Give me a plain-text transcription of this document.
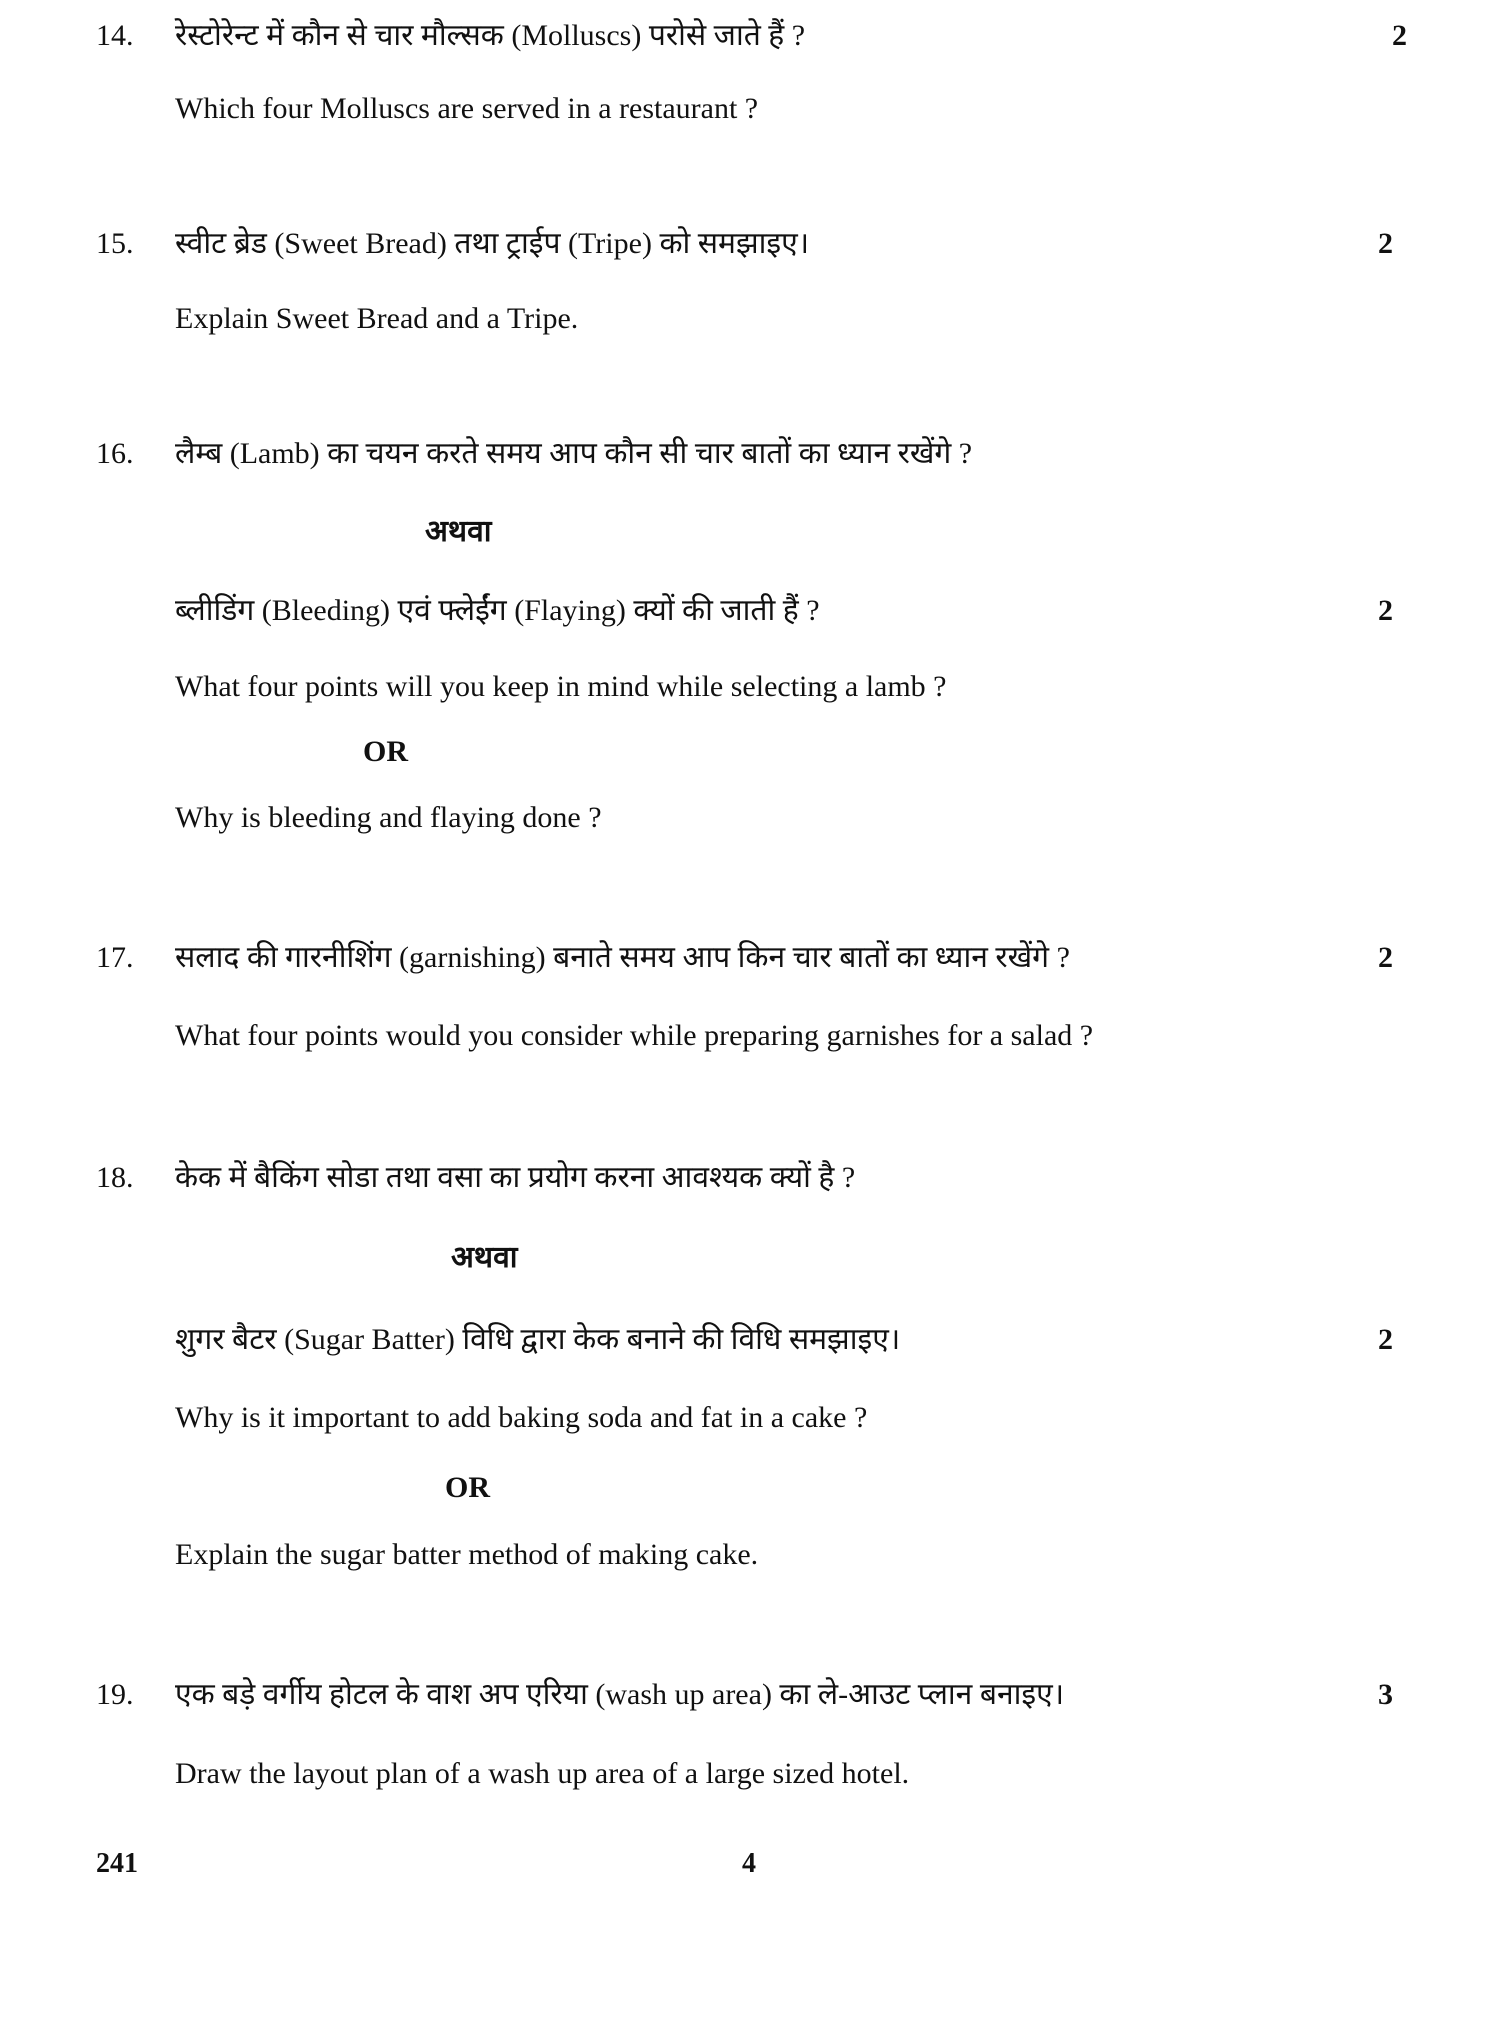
14. रेस्टोरेन्ट में कौन से चार मौल्सक (Molluscs) परोसे जाते हैं ?	2
Which four Molluscs are served in a restaurant ?
15. स्वीट ब्रेड (Sweet Bread) तथा ट्राईप (Tripe) को समझाइए।	2
Explain Sweet Bread and a Tripe.
16. लैम्ब (Lamb) का चयन करते समय आप कौन सी चार बातों का ध्यान रखेंगे ?
अथवा
ब्लीडिंग (Bleeding) एवं फ्लेईंग (Flaying) क्यों की जाती हैं ?	2
What four points will you keep in mind while selecting a lamb ?
OR
Why is bleeding and flaying done ?
17. सलाद की गारनीशिंग (garnishing) बनाते समय आप किन चार बातों का ध्यान रखेंगे ?	2
What four points would you consider while preparing garnishes for a salad ?
18. केक में बैकिंग सोडा तथा वसा का प्रयोग करना आवश्यक क्यों है ?
अथवा
शुगर बैटर (Sugar Batter) विधि द्वारा केक बनाने की विधि समझाइए।	2
Why is it important to add baking soda and fat in a cake ?
OR
Explain the sugar batter method of making cake.
19. एक बड़े वर्गीय होटल के वाश अप एरिया (wash up area) का ले-आउट प्लान बनाइए।	3
Draw the layout plan of a wash up area of a large sized hotel.
241	4
